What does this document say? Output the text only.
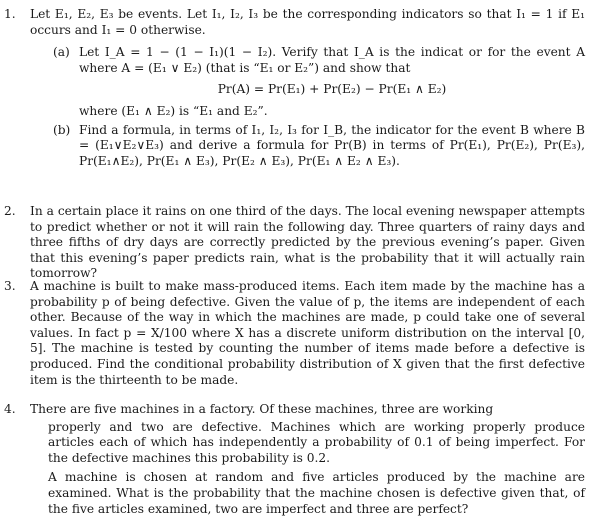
1. Let E₁, E₂, E₃ be events. Let I₁, I₂, I₃ be the corresponding indicators so that I₁ = 1 if E₁ occurs and I₁ = 0 otherwise.

(a) Let I_A = 1 − (1 − I₁)(1 − I₂). Verify that I_A is the indicat or for the event A where A = (E₁ ∨ E₂) (that is “E₁ or E₂”) and show that

Pr(A) = Pr(E₁) + Pr(E₂) − Pr(E₁ ∧ E₂)

where (E₁ ∧ E₂) is “E₁ and E₂”.

(b) Find a formula, in terms of I₁, I₂, I₃ for I_B, the indicator for the event B where B = (E₁∨E₂∨E₃) and derive a formula for Pr(B) in terms of Pr(E₁), Pr(E₂), Pr(E₃), Pr(E₁∧E₂), Pr(E₁ ∧ E₃), Pr(E₂ ∧ E₃), Pr(E₁ ∧ E₂ ∧ E₃).

2. In a certain place it rains on one third of the days. The local evening newspaper attempts to predict whether or not it will rain the following day. Three quarters of rainy days and three fifths of dry days are correctly predicted by the previous evening’s paper. Given that this evening’s paper predicts rain, what is the probability that it will actually rain tomorrow?

3. A machine is built to make mass-produced items. Each item made by the machine has a probability p of being defective. Given the value of p, the items are independent of each other. Because of the way in which the machines are made, p could take one of several values. In fact p = X/100 where X has a discrete uniform distribution on the interval [0, 5]. The machine is tested by counting the number of items made before a defective is produced. Find the conditional probability distribution of X given that the first defective item is the thirteenth to be made.

4. There are five machines in a factory. Of these machines, three are working

properly and two are defective. Machines which are working properly produce articles each of which has independently a probability of 0.1 of being imperfect. For the defective machines this probability is 0.2.

A machine is chosen at random and five articles produced by the machine are examined. What is the probability that the machine chosen is defective given that, of the five articles examined, two are imperfect and three are perfect?
